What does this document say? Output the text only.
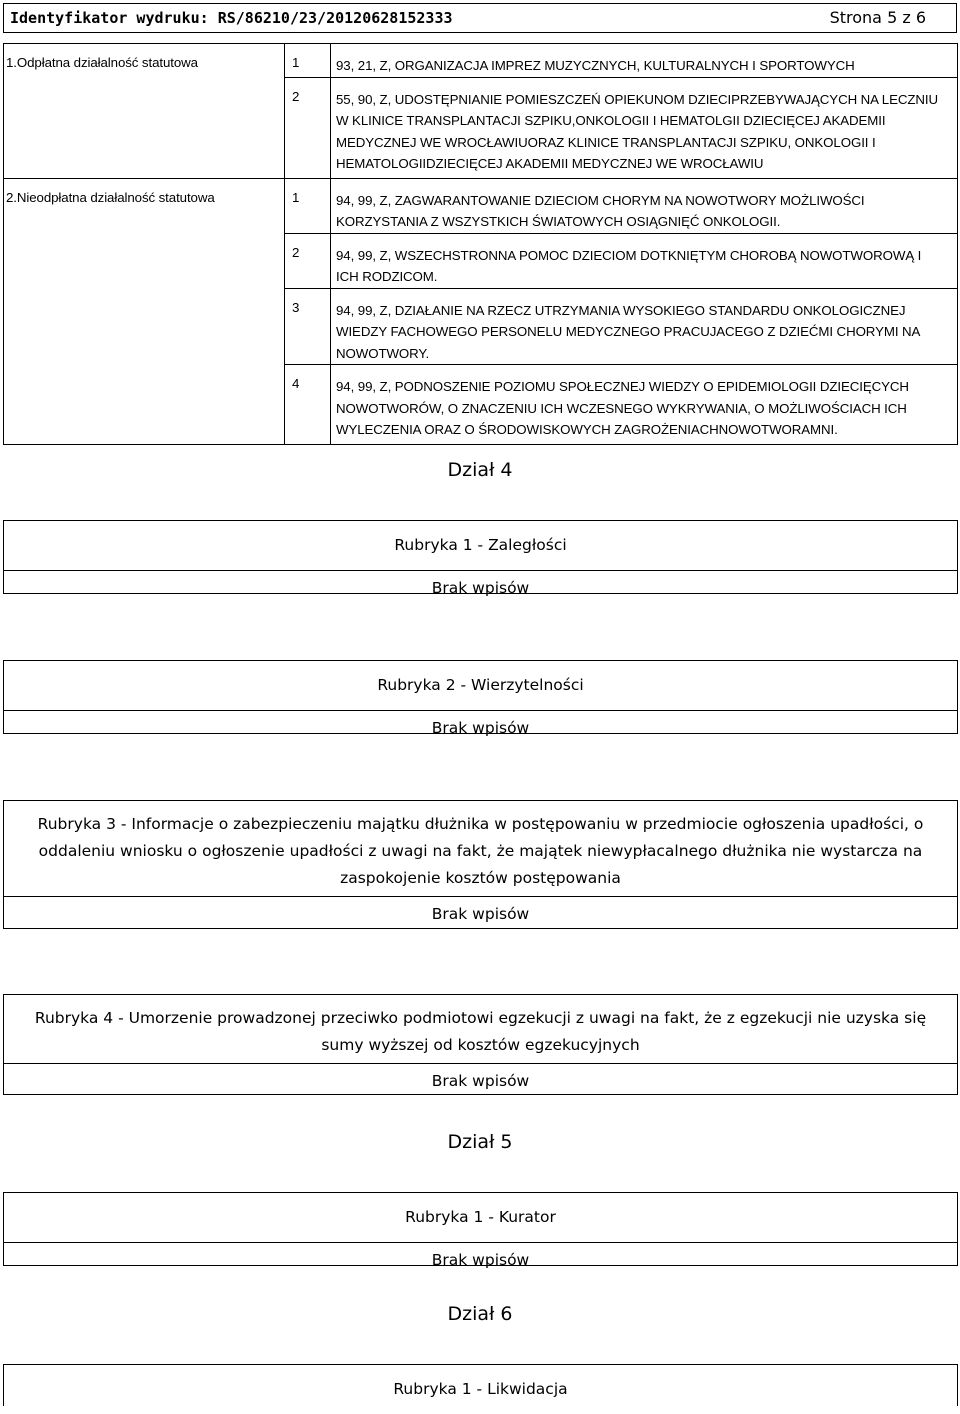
Identyfikator wydruku: RS/86210/23/20120628152333	Strona 5 z 6
1.Odpłatna działalność statutowa	1	93, 21, Z, ORGANIZACJA IMPREZ MUZYCZNYCH, KULTURALNYCH I SPORTOWYCH

	2	55, 90, Z, UDOSTĘPNIANIE POMIESZCZEŃ OPIEKUNOM DZIECIPRZEBYWAJĄCYCH NA LECZNIU
W KLINICE TRANSPLANTACJI SZPIKU,ONKOLOGII I HEMATOLGII DZIECIĘCEJ AKADEMII
MEDYCZNEJ WE WROCŁAWIUORAZ KLINICE TRANSPLANTACJI SZPIKU, ONKOLOGII I
HEMATOLOGIIDZIECIĘCEJ AKADEMII MEDYCZNEJ WE WROCŁAWIU

2.Nieodpłatna działalność statutowa	1	94, 99, Z, ZAGWARANTOWANIE DZIECIOM CHORYM NA NOWOTWORY MOŻLIWOŚCI
KORZYSTANIA Z WSZYSTKICH ŚWIATOWYCH OSIĄGNIĘĆ ONKOLOGII.

	2	94, 99, Z, WSZECHSTRONNA POMOC DZIECIOM DOTKNIĘTYM CHOROBĄ NOWOTWOROWĄ I
ICH RODZICOM.

	3	94, 99, Z, DZIAŁANIE NA RZECZ UTRZYMANIA WYSOKIEGO STANDARDU ONKOLOGICZNEJ
WIEDZY FACHOWEGO PERSONELU MEDYCZNEGO PRACUJACEGO Z DZIEĆMI CHORYMI NA
NOWOTWORY.

	4	94, 99, Z, PODNOSZENIE POZIOMU SPOŁECZNEJ WIEDZY O EPIDEMIOLOGII DZIECIĘCYCH
NOWOTWORÓW, O ZNACZENIU ICH WCZESNEGO WYKRYWANIA, O MOŻLIWOŚCIACH ICH
WYLECZENIA ORAZ O ŚRODOWISKOWYCH ZAGROŻENIACHNOWOTWORAMNI.
Dział 4
Rubryka 1 - Zaległości
Brak wpisów
Rubryka 2 - Wierzytelności
Brak wpisów
Rubryka 3 - Informacje o zabezpieczeniu majątku dłużnika w postępowaniu w przedmiocie ogłoszenia upadłości, o
oddaleniu wniosku o ogłoszenie upadłości z uwagi na fakt, że majątek niewypłacalnego dłużnika nie wystarcza na
zaspokojenie kosztów postępowania
Brak wpisów
Rubryka 4 - Umorzenie prowadzonej przeciwko podmiotowi egzekucji z uwagi na fakt, że z egzekucji nie uzyska się
sumy wyższej od kosztów egzekucyjnych
Brak wpisów
Dział 5
Rubryka 1 - Kurator
Brak wpisów
Dział 6
Rubryka 1 - Likwidacja
